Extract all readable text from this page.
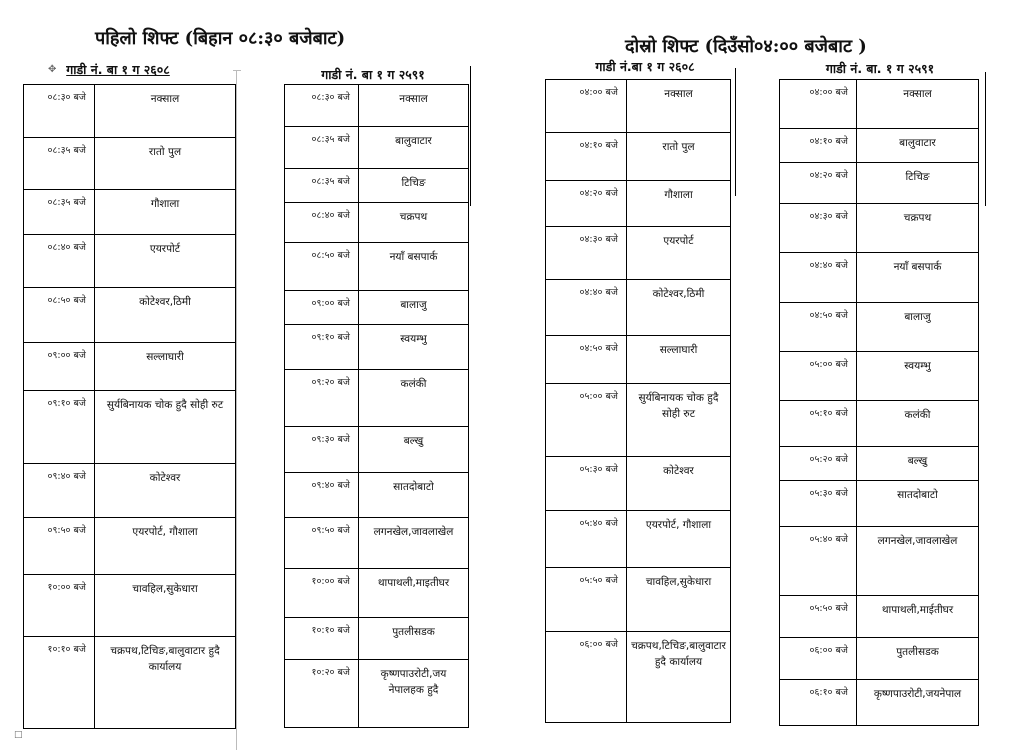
पहिलो शिफ्ट (बिहान ०८:३० बजेबाट)	दोस्रो शिफ्ट (दिउँसो०४:०० बजेबाट )
गाडी नं. बा १ ग २६०८	गाडी नं. बा १ ग २५९१
गाडी नं.बा १ ग २६०८	गाडी नं. बा. १ ग २५९१
✥
□
०८:३० बजे	नक्साल
०८:३५ बजे	रातो पुल
०८:३५ बजे	गौशाला
०८:४० बजे	एयरपोर्ट
०८:५० बजे	कोटेश्वर,ठिमी
०९:०० बजे	सल्लाघारी
०९:१० बजे	सुर्यबिनायक चोक हुदै सोही रुट
०९:४० बजे	कोटेश्वर
०९:५० बजे	एयरपोर्ट, गौशाला
१०:०० बजे	चावहिल,सुकेधारा
१०:१० बजे	चक्रपथ,टिचिङ,बालुवाटार हुदै कार्यालय
०८:३० बजे	नक्साल
०८:३५ बजे	बालुवाटार
०८:३५ बजे	टिचिङ
०८:४० बजे	चक्रपथ
०८:५० बजे	नयाँ बसपार्क
०९:०० बजे	बालाजु
०९:१० बजे	स्वयम्भु
०९:२० बजे	कलंकी
०९:३० बजे	बल्खु
०९:४० बजे	सातदोबाटो
०९:५० बजे	लगनखेल,जावलाखेल
१०:०० बजे	थापाथली,माइतीघर
१०:१० बजे	पुतलीसडक
१०:२० बजे	कृष्णपाउरोटी,जय नेपालहक हुदै
०४:०० बजे	नक्साल
०४:१० बजे	रातो पुल
०४:२० बजे	गौशाला
०४:३० बजे	एयरपोर्ट
०४:४० बजे	कोटेश्वर,ठिमी
०४:५० बजे	सल्लाघारी
०५:०० बजे	सुर्यबिनायक चोक हुदै सोही रुट
०५:३० बजे	कोटेश्वर
०५:४० बजे	एयरपोर्ट, गौशाला
०५:५० बजे	चावहिल,सुकेधारा
०६:०० बजे	चक्रपथ,टिचिङ,बालुवाटार हुदै कार्यालय
०४:०० बजे	नक्साल
०४:१० बजे	बालुवाटार
०४:२० बजे	टिचिङ
०४:३० बजे	चक्रपथ
०४:४० बजे	नयाँ बसपार्क
०४:५० बजे	बालाजु
०५:०० बजे	स्वयम्भु
०५:१० बजे	कलंकी
०५:२० बजे	बल्खु
०५:३० बजे	सातदोबाटो
०५:४० बजे	लगनखेल,जावलाखेल
०५:५० बजे	थापाथली,माईतीघर
०६:०० बजे	पुतलीसडक
०६:१० बजे	कृष्णपाउरोटी,जयनेपाल
